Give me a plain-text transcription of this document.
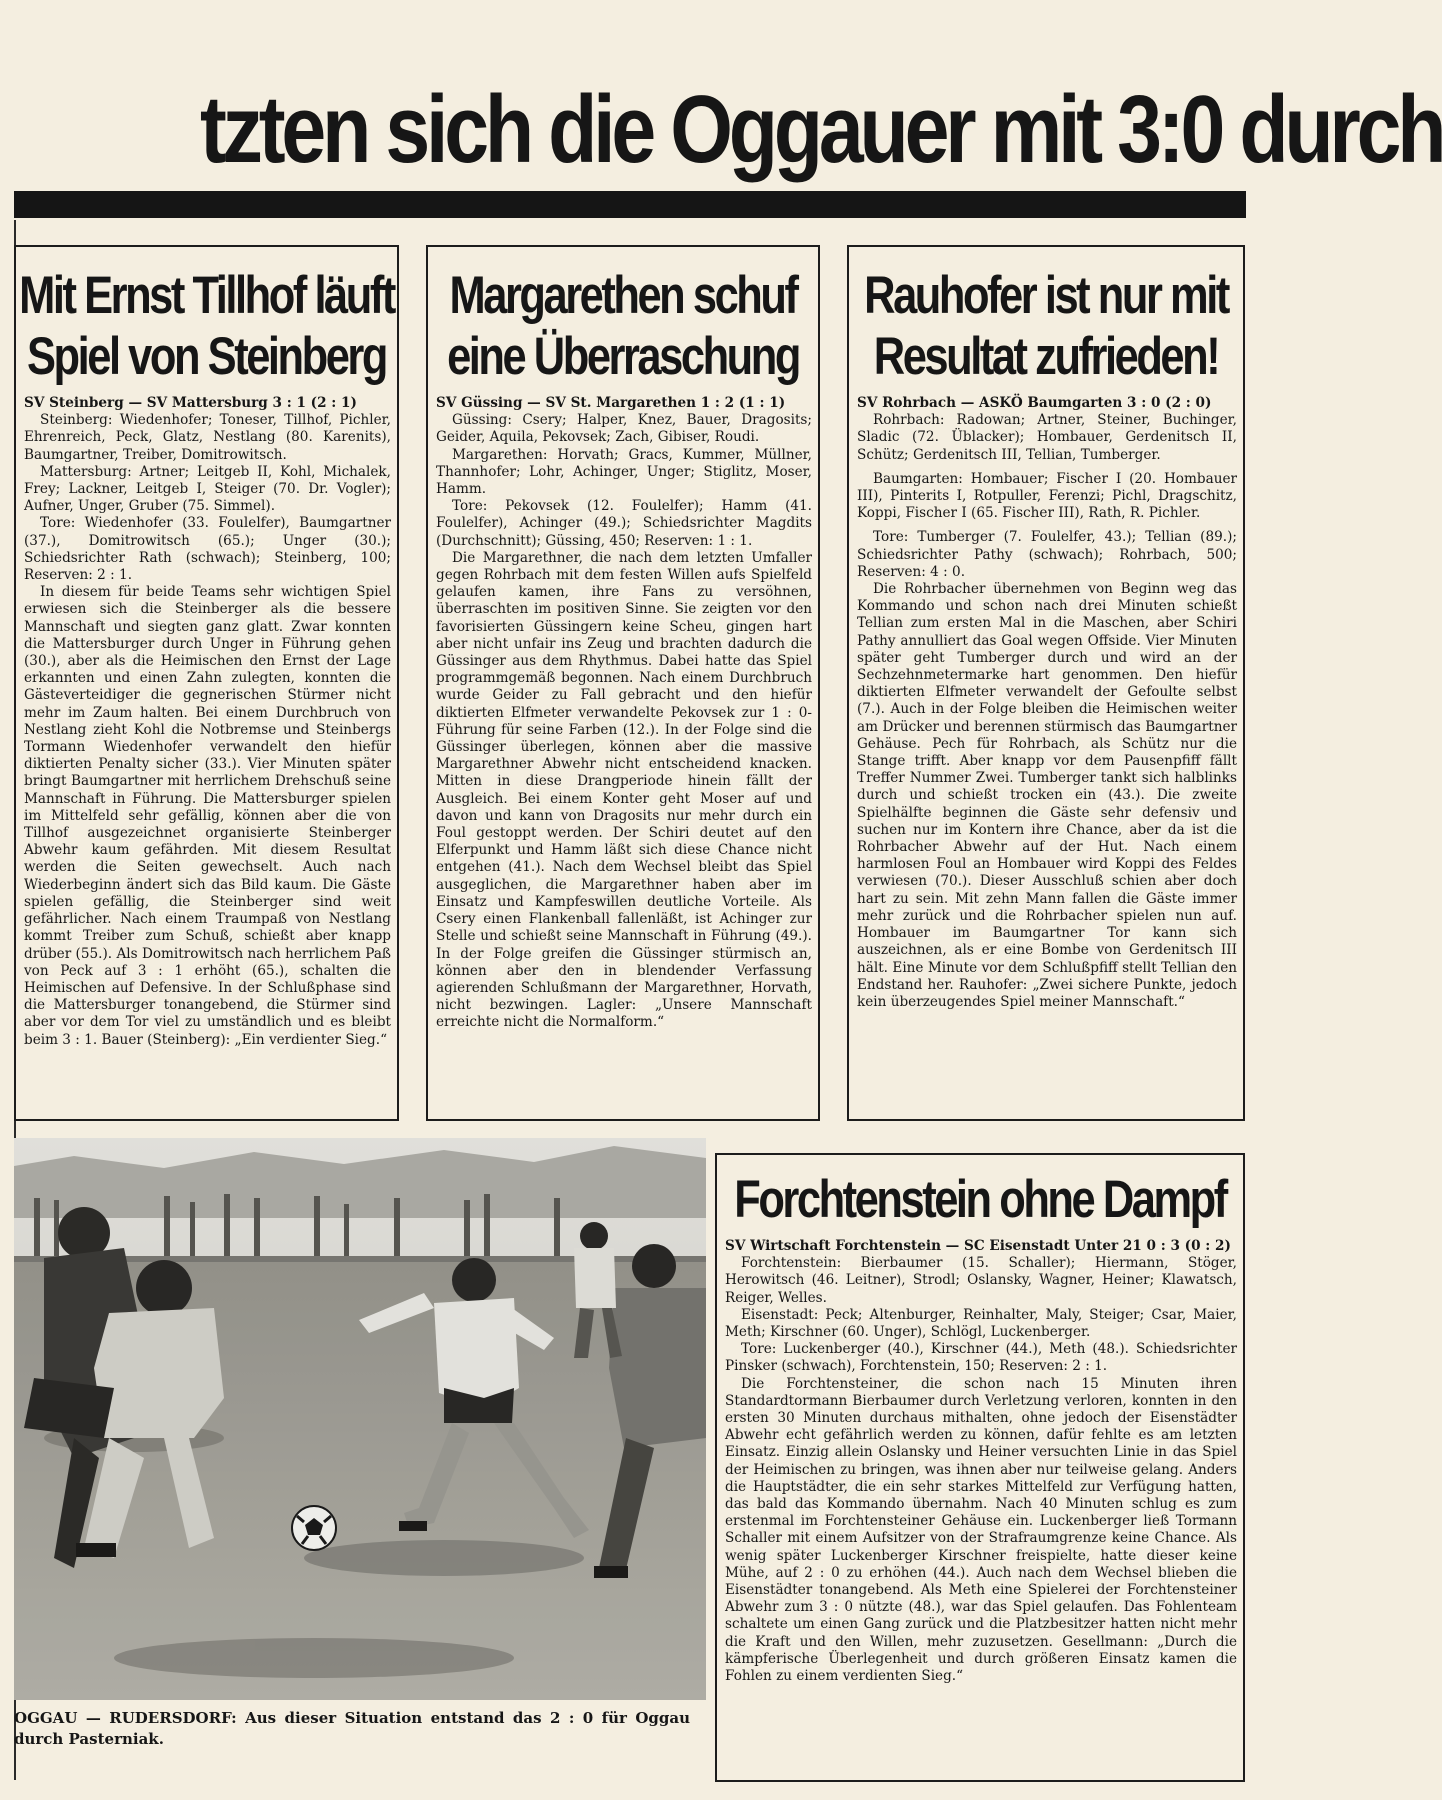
tzten sich die Oggauer mit 3:0 durch
Mit Ernst Tillhof läuft
Spiel von Steinberg

SV Steinberg — SV Mattersburg 3 : 1 (2 : 1)

Steinberg: Wiedenhofer; Toneser, Tillhof, Pichler, Ehrenreich, Peck, Glatz, Nestlang (80. Karenits), Baumgartner, Treiber, Domitrowitsch.

Mattersburg: Artner; Leitgeb II, Kohl, Michalek, Frey; Lackner, Leitgeb I, Steiger (70. Dr. Vogler); Aufner, Unger, Gruber (75. Simmel).

Tore: Wiedenhofer (33. Foulelfer), Baumgartner (37.), Domitrowitsch (65.); Unger (30.); Schiedsrichter Rath (schwach); Steinberg, 100; Reserven: 2 : 1.

In diesem für beide Teams sehr wichtigen Spiel erwiesen sich die Steinberger als die bessere Mannschaft und siegten ganz glatt. Zwar konnten die Mattersburger durch Unger in Führung gehen (30.), aber als die Heimischen den Ernst der Lage erkannten und einen Zahn zulegten, konnten die Gästeverteidiger die gegnerischen Stürmer nicht mehr im Zaum halten. Bei einem Durchbruch von Nestlang zieht Kohl die Notbremse und Steinbergs Tormann Wiedenhofer verwandelt den hiefür diktierten Penalty sicher (33.). Vier Minuten später bringt Baumgartner mit herrlichem Drehschuß seine Mannschaft in Führung. Die Mattersburger spielen im Mittelfeld sehr gefällig, können aber die von Tillhof ausgezeichnet organisierte Steinberger Abwehr kaum gefährden. Mit diesem Resultat werden die Seiten gewechselt. Auch nach Wiederbeginn ändert sich das Bild kaum. Die Gäste spielen gefällig, die Steinberger sind weit gefährlicher. Nach einem Traumpaß von Nestlang kommt Treiber zum Schuß, schießt aber knapp drüber (55.). Als Domitrowitsch nach herrlichem Paß von Peck auf 3 : 1 erhöht (65.), schalten die Heimischen auf Defensive. In der Schlußphase sind die Mattersburger tonangebend, die Stürmer sind aber vor dem Tor viel zu umständlich und es bleibt beim 3 : 1. Bauer (Steinberg): „Ein verdienter Sieg.“

Margarethen schuf
eine Überraschung

SV Güssing — SV St. Margarethen 1 : 2 (1 : 1)

Güssing: Csery; Halper, Knez, Bauer, Dragosits; Geider, Aquila, Pekovsek; Zach, Gibiser, Roudi.

Margarethen: Horvath; Gracs, Kummer, Müllner, Thannhofer; Lohr, Achinger, Unger; Stiglitz, Moser, Hamm.

Tore: Pekovsek (12. Foulelfer); Hamm (41. Foulelfer), Achinger (49.); Schiedsrichter Magdits (Durchschnitt); Güssing, 450; Reserven: 1 : 1.

Die Margarethner, die nach dem letzten Umfaller gegen Rohrbach mit dem festen Willen aufs Spielfeld gelaufen kamen, ihre Fans zu versöhnen, überraschten im positiven Sinne. Sie zeigten vor den favorisierten Güssingern keine Scheu, gingen hart aber nicht unfair ins Zeug und brachten dadurch die Güssinger aus dem Rhythmus. Dabei hatte das Spiel programmgemäß begonnen. Nach einem Durchbruch wurde Geider zu Fall gebracht und den hiefür diktierten Elfmeter verwandelte Pekovsek zur 1 : 0-Führung für seine Farben (12.). In der Folge sind die Güssinger überlegen, können aber die massive Margarethner Abwehr nicht entscheidend knacken. Mitten in diese Drangperiode hinein fällt der Ausgleich. Bei einem Konter geht Moser auf und davon und kann von Dragosits nur mehr durch ein Foul gestoppt werden. Der Schiri deutet auf den Elferpunkt und Hamm läßt sich diese Chance nicht entgehen (41.). Nach dem Wechsel bleibt das Spiel ausgeglichen, die Margarethner haben aber im Einsatz und Kampfeswillen deutliche Vorteile. Als Csery einen Flankenball fallenläßt, ist Achinger zur Stelle und schießt seine Mannschaft in Führung (49.). In der Folge greifen die Güssinger stürmisch an, können aber den in blendender Verfassung agierenden Schlußmann der Margarethner, Horvath, nicht bezwingen. Lagler: „Unsere Mannschaft erreichte nicht die Normalform.“

Rauhofer ist nur mit
Resultat zufrieden!

SV Rohrbach — ASKÖ Baumgarten 3 : 0 (2 : 0)

Rohrbach: Radowan; Artner, Steiner, Buchinger, Sladic (72. Üblacker); Hombauer, Gerdenitsch II, Schütz; Gerdenitsch III, Tellian, Tumberger.

Baumgarten: Hombauer; Fischer I (20. Hombauer III), Pinterits I, Rotpuller, Ferenzi; Pichl, Dragschitz, Koppi, Fischer I (65. Fischer III), Rath, R. Pichler.

Tore: Tumberger (7. Foulelfer, 43.); Tellian (89.); Schiedsrichter Pathy (schwach); Rohrbach, 500; Reserven: 4 : 0.

Die Rohrbacher übernehmen von Beginn weg das Kommando und schon nach drei Minuten schießt Tellian zum ersten Mal in die Maschen, aber Schiri Pathy annulliert das Goal wegen Offside. Vier Minuten später geht Tumberger durch und wird an der Sechzehnmetermarke hart genommen. Den hiefür diktierten Elfmeter verwandelt der Gefoulte selbst (7.). Auch in der Folge bleiben die Heimischen weiter am Drücker und berennen stürmisch das Baumgartner Gehäuse. Pech für Rohrbach, als Schütz nur die Stange trifft. Aber knapp vor dem Pausenpfiff fällt Treffer Nummer Zwei. Tumberger tankt sich halblinks durch und schießt trocken ein (43.). Die zweite Spielhälfte beginnen die Gäste sehr defensiv und suchen nur im Kontern ihre Chance, aber da ist die Rohrbacher Abwehr auf der Hut. Nach einem harmlosen Foul an Hombauer wird Koppi des Feldes verwiesen (70.). Dieser Ausschluß schien aber doch hart zu sein. Mit zehn Mann fallen die Gäste immer mehr zurück und die Rohrbacher spielen nun auf. Hombauer im Baumgartner Tor kann sich auszeichnen, als er eine Bombe von Gerdenitsch III hält. Eine Minute vor dem Schlußpfiff stellt Tellian den Endstand her. Rauhofer: „Zwei sichere Punkte, jedoch kein überzeugendes Spiel meiner Mannschaft.“

OGGAU — RUDERSDORF: Aus dieser Situation entstand das 2 : 0 für Oggau durch Pasterniak.
Forchtenstein ohne Dampf

SV Wirtschaft Forchtenstein — SC Eisenstadt Unter 21 0 : 3 (0 : 2)

Forchtenstein: Bierbaumer (15. Schaller); Hiermann, Stöger, Herowitsch (46. Leitner), Strodl; Oslansky, Wagner, Heiner; Klawatsch, Reiger, Welles.

Eisenstadt: Peck; Altenburger, Reinhalter, Maly, Steiger; Csar, Maier, Meth; Kirschner (60. Unger), Schlögl, Luckenberger.

Tore: Luckenberger (40.), Kirschner (44.), Meth (48.). Schiedsrichter Pinsker (schwach), Forchtenstein, 150; Reserven: 2 : 1.

Die Forchtensteiner, die schon nach 15 Minuten ihren Standardtormann Bierbaumer durch Verletzung verloren, konnten in den ersten 30 Minuten durchaus mithalten, ohne jedoch der Eisenstädter Abwehr echt gefährlich werden zu können, dafür fehlte es am letzten Einsatz. Einzig allein Oslansky und Heiner versuchten Linie in das Spiel der Heimischen zu bringen, was ihnen aber nur teilweise gelang. Anders die Hauptstädter, die ein sehr starkes Mittelfeld zur Verfügung hatten, das bald das Kommando übernahm. Nach 40 Minuten schlug es zum erstenmal im Forchtensteiner Gehäuse ein. Luckenberger ließ Tormann Schaller mit einem Aufsitzer von der Strafraumgrenze keine Chance. Als wenig später Luckenberger Kirschner freispielte, hatte dieser keine Mühe, auf 2 : 0 zu erhöhen (44.). Auch nach dem Wechsel blieben die Eisenstädter tonangebend. Als Meth eine Spielerei der Forchtensteiner Abwehr zum 3 : 0 nützte (48.), war das Spiel gelaufen. Das Fohlenteam schaltete um einen Gang zurück und die Platzbesitzer hatten nicht mehr die Kraft und den Willen, mehr zuzusetzen. Gesellmann: „Durch die kämpferische Überlegenheit und durch größeren Einsatz kamen die Fohlen zu einem verdienten Sieg.“
